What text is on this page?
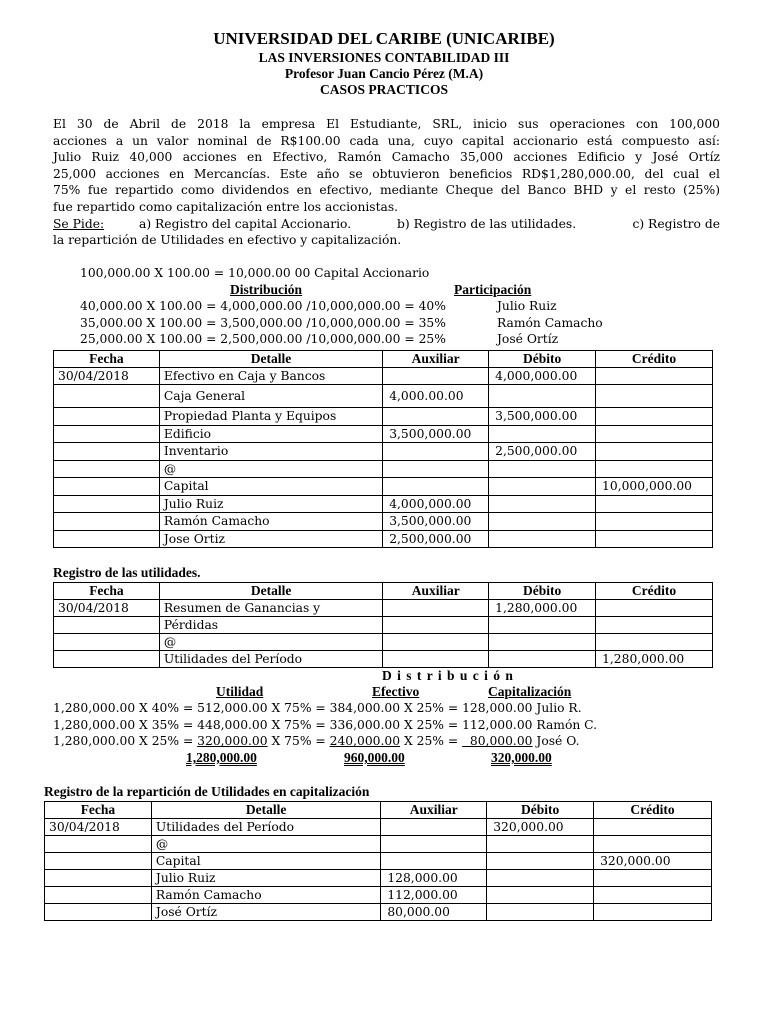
UNIVERSIDAD DEL CARIBE (UNICARIBE)
LAS INVERSIONES CONTABILIDAD III
Profesor Juan Cancio Pérez (M.A)
CASOS PRACTICOS

El 30 de Abril de 2018 la empresa El Estudiante, SRL, inicio sus operaciones con 100,000

acciones a un valor nominal de R$100.00 cada una, cuyo capital accionario está compuesto así:

Julio Ruiz 40,000 acciones en Efectivo, Ramón Camacho 35,000 acciones Edificio y José Ortíz

25,000 acciones en Mercancías. Este año se obtuvieron beneficios RD$1,280,000.00, del cual el

75% fue repartido como dividendos en efectivo, mediante Cheque del Banco BHD y el resto (25%)

fue repartido como capitalización entre los accionistas.

Se Pide:	a) Registro del capital Accionario.	b) Registro de las utilidades.	c) Registro de
la repartición de Utilidades en efectivo y capitalización.
100,000.00 X 100.00 = 10,000.00 00 Capital Accionario
Distribución	Participación
40,000.00 X 100.00 = 4,000,000.00 /10,000,000.00 = 40%	Julio Ruiz
35,000.00 X 100.00 = 3,500,000.00 /10,000,000.00 = 35%	Ramón Camacho
25,000.00 X 100.00 = 2,500,000.00 /10,000,000.00 = 25%	José Ortíz
Fecha	Detalle	Auxiliar	Débito	Crédito
30/04/2018	Efectivo en Caja y Bancos		4,000,000.00	
	Caja General	4,000.00.00		
	Propiedad Planta y Equipos		3,500,000.00	
	Edificio	3,500,000.00		
	Inventario		2,500,000.00	
	@			
	Capital			10,000,000.00
	Julio Ruiz	4,000,000.00		
	Ramón Camacho	3,500,000.00		
	Jose Ortiz	2,500,000.00		
Registro de las utilidades.
Fecha	Detalle	Auxiliar	Débito	Crédito
30/04/2018	Resumen de Ganancias y		1,280,000.00	
	Pérdidas			
	@			
	Utilidades del Período			1,280,000.00
D i s t r i b u c i ó n
Utilidad	Efectivo	Capitalización
1,280,000.00 X 40% = 512,000.00 X 75% = 384,000.00 X 25% = 128,000.00 Julio R.
1,280,000.00 X 35% = 448,000.00 X 75% = 336,000.00 X 25% = 112,000.00 Ramón C.
1,280,000.00 X 25% = 320,000.00 X 75% = 240,000.00 X 25% =   80,000.00 José O.
1,280,000.00	960,000.00	320,000.00
Registro de la repartición de Utilidades en capitalización
Fecha	Detalle	Auxiliar	Débito	Crédito
30/04/2018	Utilidades del Período		320,000.00	
	@			
	Capital			320,000.00
	Julio Ruiz	128,000.00		
	Ramón Camacho	112,000.00		
	José Ortíz	80,000.00		
